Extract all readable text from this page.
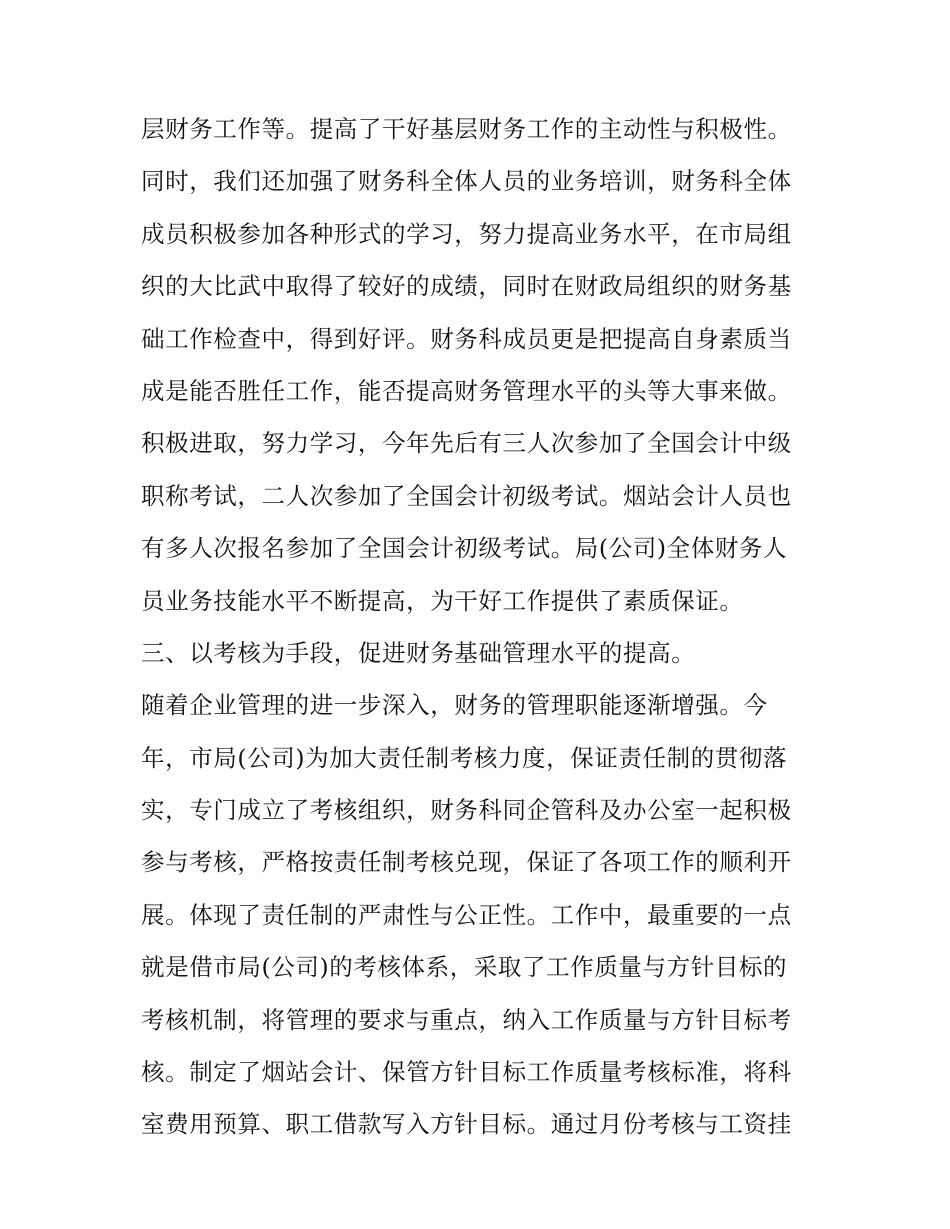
层财务工作等。提高了干好基层财务工作的主动性与积极性。
同时，我们还加强了财务科全体人员的业务培训，财务科全体
成员积极参加各种形式的学习，努力提高业务水平，在市局组
织的大比武中取得了较好的成绩，同时在财政局组织的财务基
础工作检查中，得到好评。财务科成员更是把提高自身素质当
成是能否胜任工作，能否提高财务管理水平的头等大事来做。
积极进取，努力学习，今年先后有三人次参加了全国会计中级
职称考试，二人次参加了全国会计初级考试。烟站会计人员也
有多人次报名参加了全国会计初级考试。局(公司)全体财务人
员业务技能水平不断提高，为干好工作提供了素质保证。
三、以考核为手段，促进财务基础管理水平的提高。
随着企业管理的进一步深入，财务的管理职能逐渐增强。今
年，市局(公司)为加大责任制考核力度，保证责任制的贯彻落
实，专门成立了考核组织，财务科同企管科及办公室一起积极
参与考核，严格按责任制考核兑现，保证了各项工作的顺利开
展。体现了责任制的严肃性与公正性。工作中，最重要的一点
就是借市局(公司)的考核体系，采取了工作质量与方针目标的
考核机制，将管理的要求与重点，纳入工作质量与方针目标考
核。制定了烟站会计、保管方针目标工作质量考核标准，将科
室费用预算、职工借款写入方针目标。通过月份考核与工资挂
